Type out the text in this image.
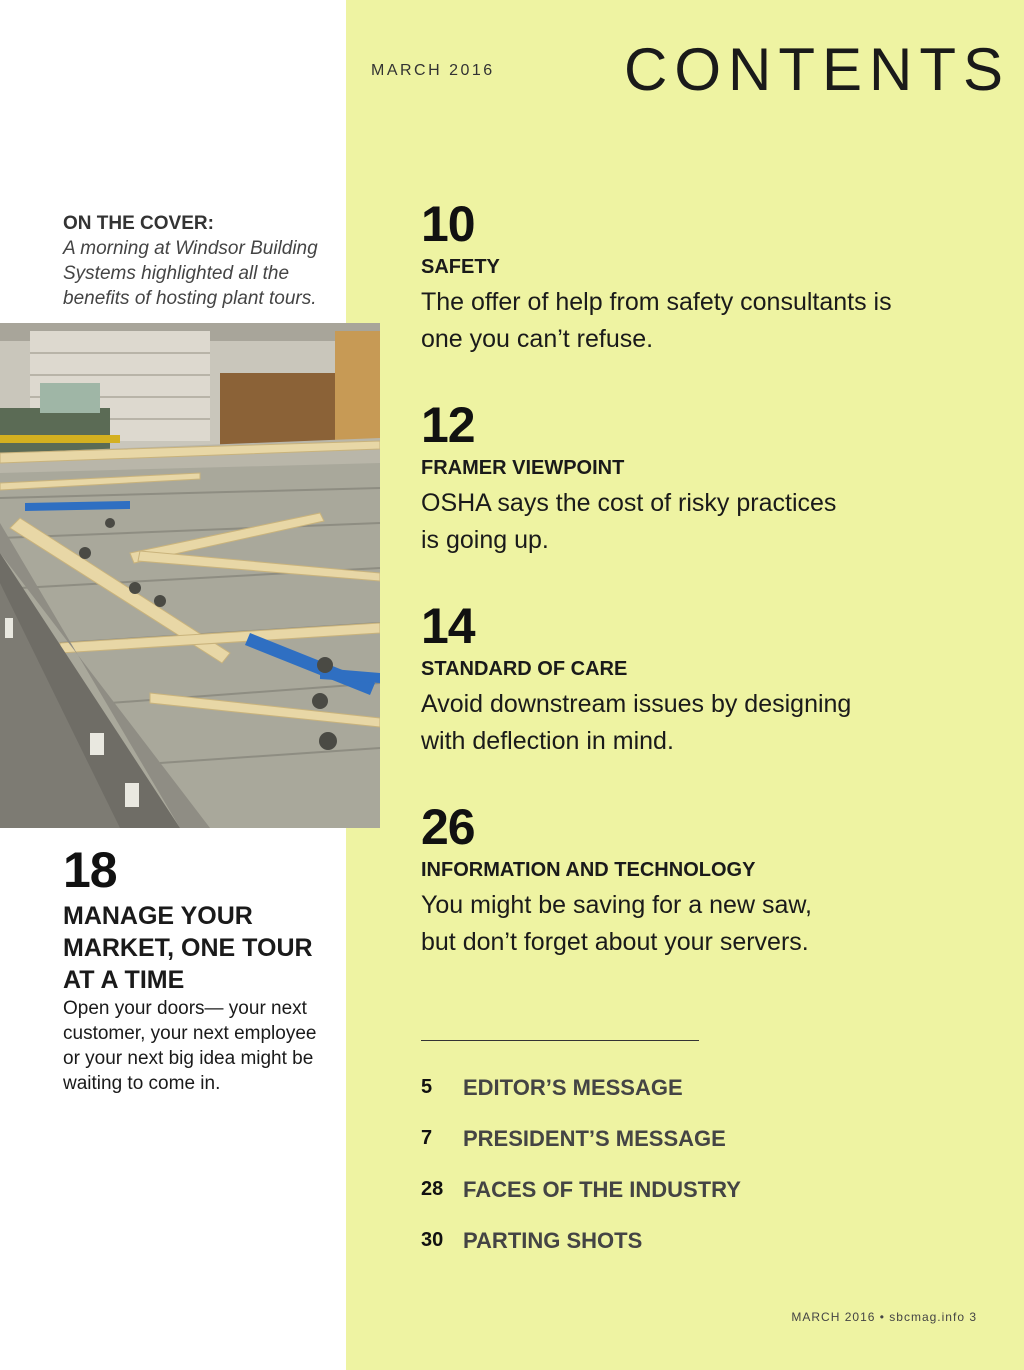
MARCH 2016 CONTENTS
ON THE COVER:
A morning at Windsor Building Systems highlighted all the benefits of hosting plant tours.
18
MANAGE YOUR MARKET, ONE TOUR AT A TIME
Open your doors— your next customer, your next employee or your next big idea might be waiting to come in.
10
SAFETY
The offer of help from safety consultants is one you can’t refuse.
12
FRAMER VIEWPOINT
OSHA says the cost of risky practices is going up.
14
STANDARD OF CARE
Avoid downstream issues by designing with deflection in mind.
26
INFORMATION AND TECHNOLOGY
You might be saving for a new saw, but don’t forget about your servers.
5	EDITOR’S MESSAGE
7	PRESIDENT’S MESSAGE
28 FACES OF THE INDUSTRY
30 PARTING SHOTS
MARCH 2016 • sbcmag.info 3
